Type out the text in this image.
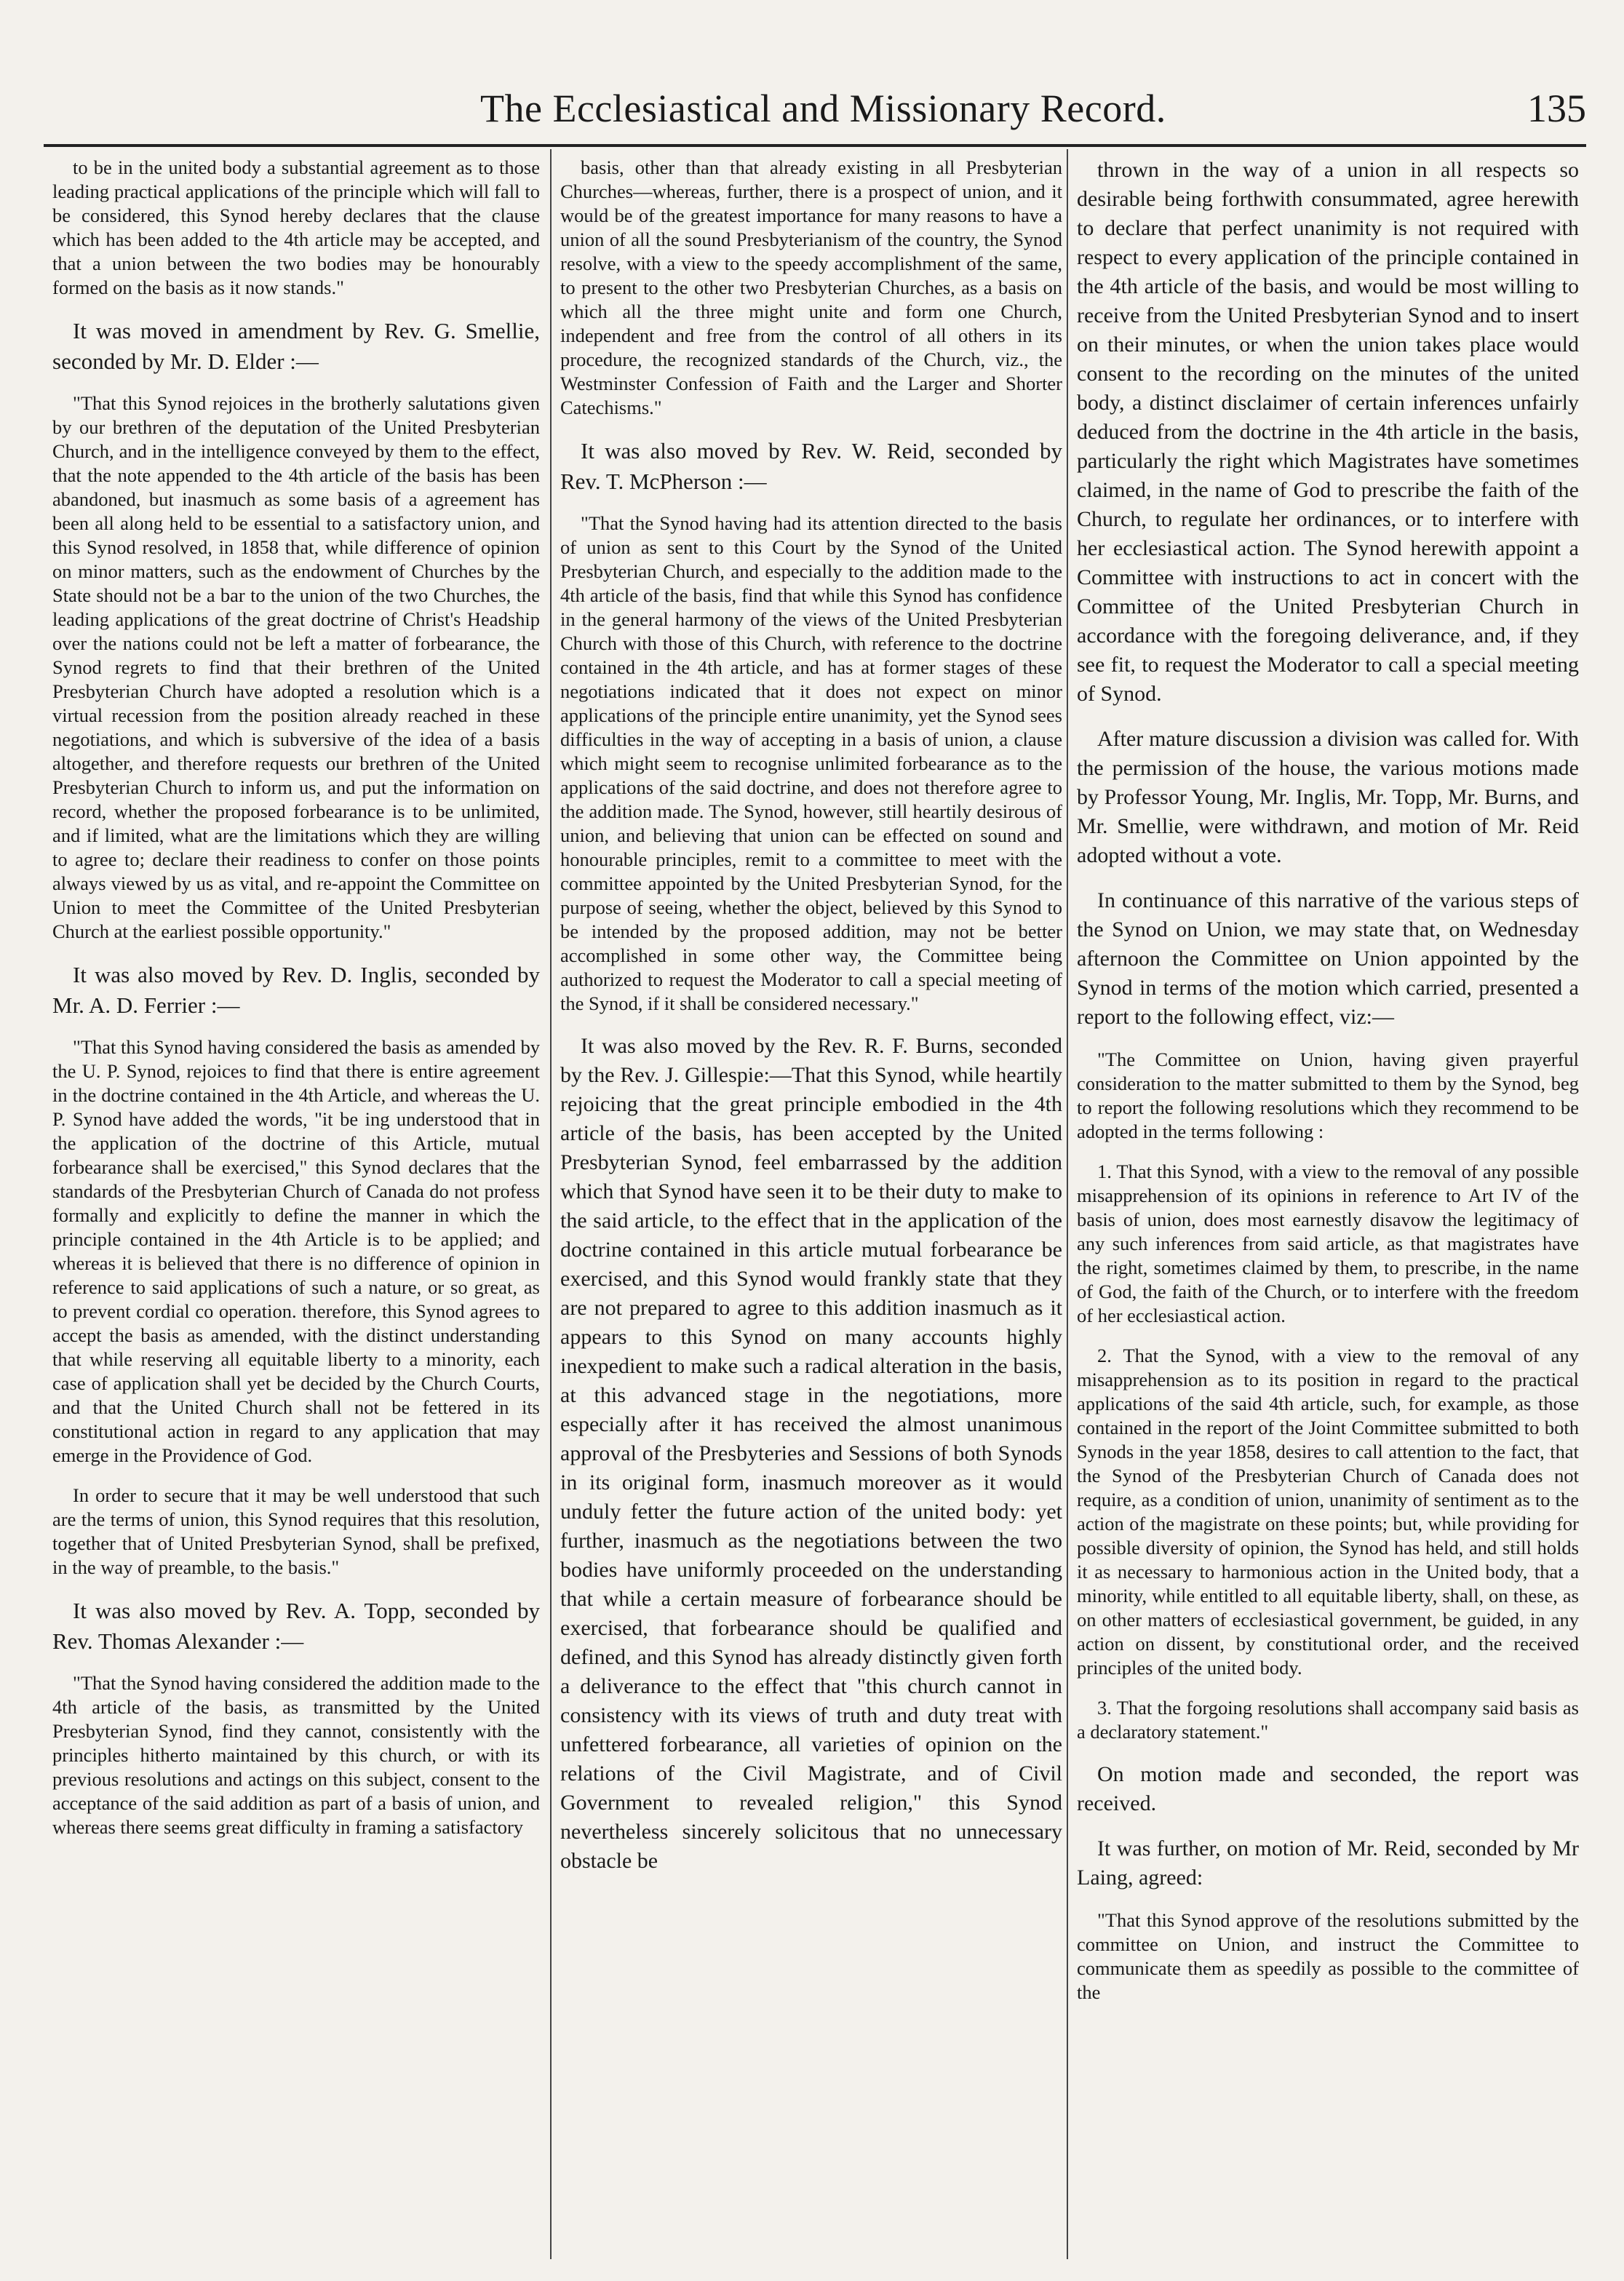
The Ecclesiastical and Missionary Record.	135

to be in the united body a substantial agreement as to those leading practical applications of the principle which will fall to be considered, this Synod hereby declares that the clause which has been added to the 4th article may be accepted, and that a union between the two bodies may be honourably formed on the basis as it now stands."

It was moved in amendment by Rev. G. Smellie, seconded by Mr. D. Elder :—

"That this Synod rejoices in the brotherly salutations given by our brethren of the deputation of the United Presbyterian Church, and in the intelligence conveyed by them to the effect, that the note appended to the 4th article of the basis has been abandoned, but inasmuch as some basis of a agreement has been all along held to be essential to a satisfactory union, and this Synod resolved, in 1858 that, while difference of opinion on minor matters, such as the endowment of Churches by the State should not be a bar to the union of the two Churches, the leading applications of the great doctrine of Christ's Headship over the nations could not be left a matter of forbearance, the Synod regrets to find that their brethren of the United Presbyterian Church have adopted a resolution which is a virtual recession from the position already reached in these negotiations, and which is subversive of the idea of a basis altogether, and therefore requests our brethren of the United Presbyterian Church to inform us, and put the information on record, whether the proposed forbearance is to be unlimited, and if limited, what are the limitations which they are willing to agree to; declare their readiness to confer on those points always viewed by us as vital, and re-appoint the Committee on Union to meet the Committee of the United Presbyterian Church at the earliest possible opportunity."

It was also moved by Rev. D. Inglis, seconded by Mr. A. D. Ferrier :—

"That this Synod having considered the basis as amended by the U. P. Synod, rejoices to find that there is entire agreement in the doctrine contained in the 4th Article, and whereas the U. P. Synod have added the words, "it be ing understood that in the application of the doctrine of this Article, mutual forbearance shall be exercised," this Synod declares that the standards of the Presbyterian Church of Canada do not profess formally and explicitly to define the manner in which the principle contained in the 4th Article is to be applied; and whereas it is believed that there is no difference of opinion in reference to said applications of such a nature, or so great, as to prevent cordial co operation. therefore, this Synod agrees to accept the basis as amended, with the distinct understanding that while reserving all equitable liberty to a minority, each case of application shall yet be decided by the Church Courts, and that the United Church shall not be fettered in its constitutional action in regard to any application that may emerge in the Providence of God.

In order to secure that it may be well understood that such are the terms of union, this Synod requires that this resolution, together that of United Presbyterian Synod, shall be prefixed, in the way of preamble, to the basis."

It was also moved by Rev. A. Topp, seconded by Rev. Thomas Alexander :—

"That the Synod having considered the addition made to the 4th article of the basis, as transmitted by the United Presbyterian Synod, find they cannot, consistently with the principles hitherto maintained by this church, or with its previous resolutions and actings on this subject, consent to the acceptance of the said addition as part of a basis of union, and whereas there seems great difficulty in framing a satisfactory

basis, other than that already existing in all Presbyterian Churches—whereas, further, there is a prospect of union, and it would be of the greatest importance for many reasons to have a union of all the sound Presbyterianism of the country, the Synod resolve, with a view to the speedy accomplishment of the same, to present to the other two Presbyterian Churches, as a basis on which all the three might unite and form one Church, independent and free from the control of all others in its procedure, the recognized standards of the Church, viz., the Westminster Confession of Faith and the Larger and Shorter Catechisms."

It was also moved by Rev. W. Reid, seconded by Rev. T. McPherson :—

"That the Synod having had its attention directed to the basis of union as sent to this Court by the Synod of the United Presbyterian Church, and especially to the addition made to the 4th article of the basis, find that while this Synod has confidence in the general harmony of the views of the United Presbyterian Church with those of this Church, with reference to the doctrine contained in the 4th article, and has at former stages of these negotiations indicated that it does not expect on minor applications of the principle entire unanimity, yet the Synod sees difficulties in the way of accepting in a basis of union, a clause which might seem to recognise unlimited forbearance as to the applications of the said doctrine, and does not therefore agree to the addition made. The Synod, however, still heartily desirous of union, and believing that union can be effected on sound and honourable principles, remit to a committee to meet with the committee appointed by the United Presbyterian Synod, for the purpose of seeing, whether the object, believed by this Synod to be intended by the proposed addition, may not be better accomplished in some other way, the Committee being authorized to request the Moderator to call a special meeting of the Synod, if it shall be considered necessary."

It was also moved by the Rev. R. F. Burns, seconded by the Rev. J. Gillespie:—That this Synod, while heartily rejoicing that the great principle embodied in the 4th article of the basis, has been accepted by the United Presbyterian Synod, feel embarrassed by the addition which that Synod have seen it to be their duty to make to the said article, to the effect that in the application of the doctrine contained in this article mutual forbearance be exercised, and this Synod would frankly state that they are not prepared to agree to this addition inasmuch as it appears to this Synod on many accounts highly inexpedient to make such a radical alteration in the basis, at this advanced stage in the negotiations, more especially after it has received the almost unanimous approval of the Presbyteries and Sessions of both Synods in its original form, inasmuch moreover as it would unduly fetter the future action of the united body: yet further, inasmuch as the negotiations between the two bodies have uniformly proceeded on the understanding that while a certain measure of forbearance should be exercised, that forbearance should be qualified and defined, and this Synod has already distinctly given forth a deliverance to the effect that "this church cannot in consistency with its views of truth and duty treat with unfettered forbearance, all varieties of opinion on the relations of the Civil Magistrate, and of Civil Government to revealed religion," this Synod nevertheless sincerely solicitous that no unnecessary obstacle be

thrown in the way of a union in all respects so desirable being forthwith consummated, agree herewith to declare that perfect unanimity is not required with respect to every application of the principle contained in the 4th article of the basis, and would be most willing to receive from the United Presbyterian Synod and to insert on their minutes, or when the union takes place would consent to the recording on the minutes of the united body, a distinct disclaimer of certain inferences unfairly deduced from the doctrine in the 4th article in the basis, particularly the right which Magistrates have sometimes claimed, in the name of God to prescribe the faith of the Church, to regulate her ordinances, or to interfere with her ecclesiastical action. The Synod herewith appoint a Committee with instructions to act in concert with the Committee of the United Presbyterian Church in accordance with the foregoing deliverance, and, if they see fit, to request the Moderator to call a special meeting of Synod.

After mature discussion a division was called for. With the permission of the house, the various motions made by Professor Young, Mr. Inglis, Mr. Topp, Mr. Burns, and Mr. Smellie, were withdrawn, and motion of Mr. Reid adopted without a vote.

In continuance of this narrative of the various steps of the Synod on Union, we may state that, on Wednesday afternoon the Committee on Union appointed by the Synod in terms of the motion which carried, presented a report to the following effect, viz:—

"The Committee on Union, having given prayerful consideration to the matter submitted to them by the Synod, beg to report the following resolutions which they recommend to be adopted in the terms following :

1. That this Synod, with a view to the removal of any possible misapprehension of its opinions in reference to Art IV of the basis of union, does most earnestly disavow the legitimacy of any such inferences from said article, as that magistrates have the right, sometimes claimed by them, to prescribe, in the name of God, the faith of the Church, or to interfere with the freedom of her ecclesiastical action.

2. That the Synod, with a view to the removal of any misapprehension as to its position in regard to the practical applications of the said 4th article, such, for example, as those contained in the report of the Joint Committee submitted to both Synods in the year 1858, desires to call attention to the fact, that the Synod of the Presbyterian Church of Canada does not require, as a condition of union, unanimity of sentiment as to the action of the magistrate on these points; but, while providing for possible diversity of opinion, the Synod has held, and still holds it as necessary to harmonious action in the United body, that a minority, while entitled to all equitable liberty, shall, on these, as on other matters of ecclesiastical government, be guided, in any action on dissent, by constitutional order, and the received principles of the united body.

3. That the forgoing resolutions shall accompany said basis as a declaratory statement."

On motion made and seconded, the report was received.

It was further, on motion of Mr. Reid, seconded by Mr Laing, agreed:

"That this Synod approve of the resolutions submitted by the committee on Union, and instruct the Committee to communicate them as speedily as possible to the committee of the
